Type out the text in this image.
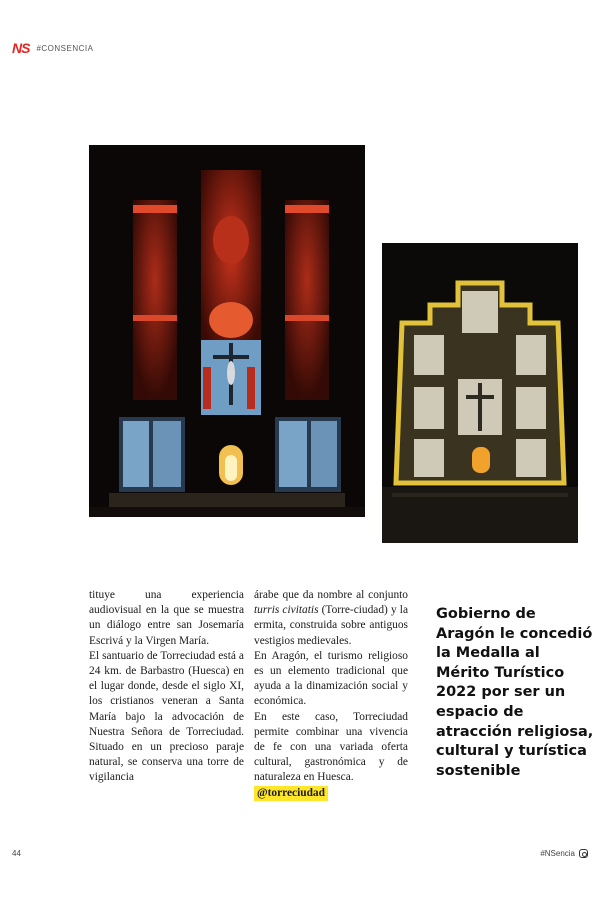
NS #CONSENCIA

tituye una experiencia audiovisual en la que se muestra un diálogo entre san Josemaría Escrivá y la Virgen María.

El santuario de Torreciudad está a 24 km. de Barbastro (Huesca) en el lugar donde, desde el siglo XI, los cristianos veneran a Santa María bajo la advocación de Nuestra Señora de Torreciudad. Situado en un precioso paraje natural, se conserva una torre de vigilancia

árabe que da nombre al conjunto turris civitatis (Torre-ciudad) y la ermita, construida sobre antiguos vestigios medievales.

En Aragón, el turismo religioso es un elemento tradicional que ayuda a la dinamización social y económica.

En este caso, Torreciudad permite combinar una vivencia de fe con una variada oferta cultural, gastronómica y de naturaleza en Huesca.

@torreciudad

Gobierno de Aragón le concedió la Medalla al Mérito Turístico 2022 por ser un espacio de atracción religiosa, cultural y turística sostenible
44	#NSencia
